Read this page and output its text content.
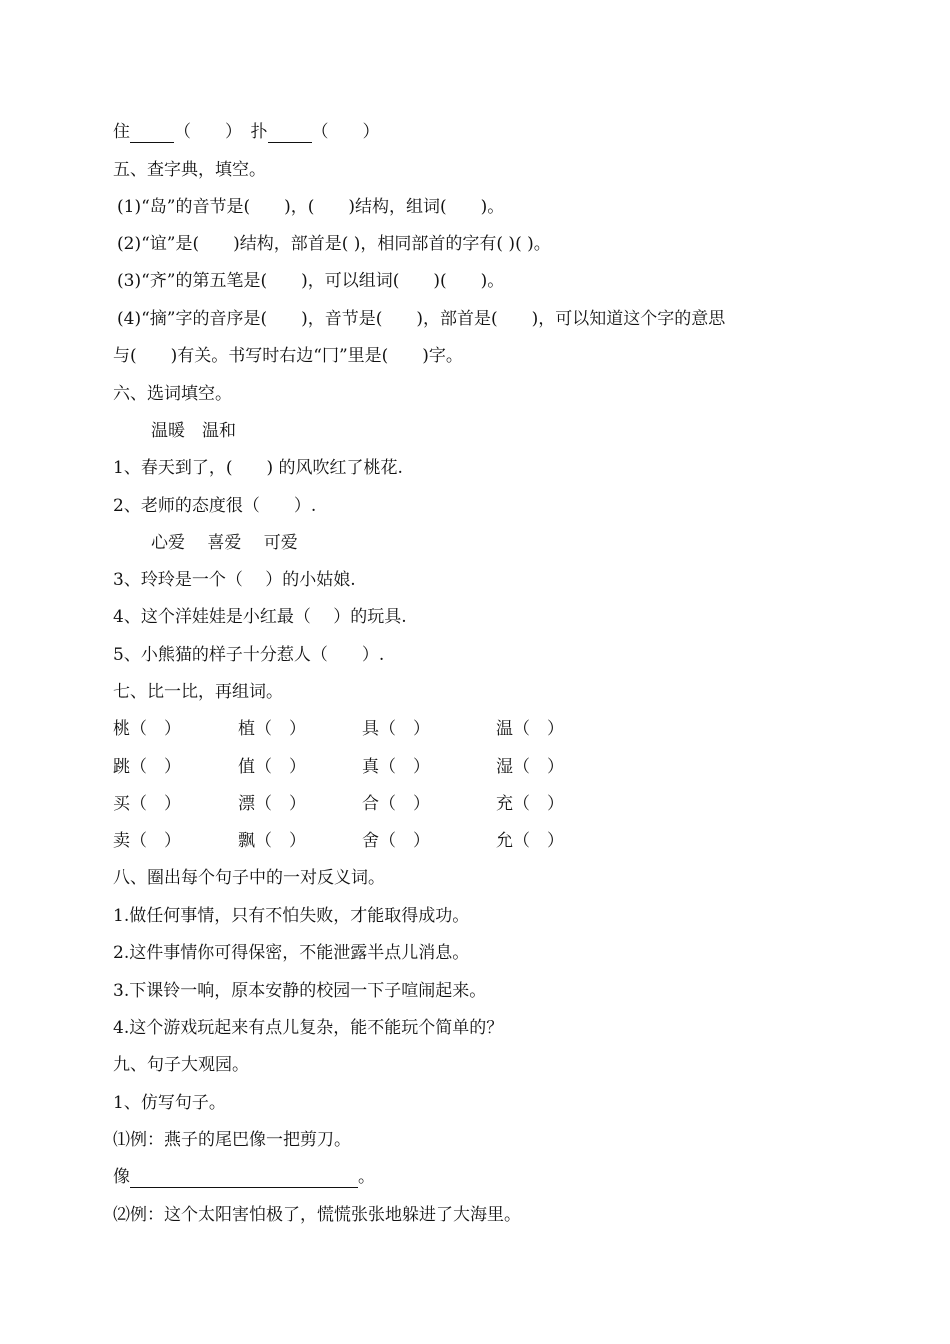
住	（　　）　扑	（　　）
五、查字典，填空。
(1)“岛”的音节是(　　)，(　　)结构，组词(　　)。
(2)“谊”是(　　)结构，部首是( )，相同部首的字有( )( )。
(3)“齐”的第五笔是(　　)，可以组词(　　)(　　)。
(4)“摘”字的音序是(　　)，音节是(　　)，部首是(　　)，可以知道这个字的意思
与(　　)有关。书写时右边“冂”里是(　　)字。
六、选词填空。
温暖　温和
1、春天到了，(　　) 的风吹红了桃花.
2、老师的态度很（　　）.
心爱　 喜爱　 可爱
3、玲玲是一个（　 ）的小姑娘.
4、这个洋娃娃是小红最（　 ）的玩具.
5、小熊猫的样子十分惹人（　　）.
七、比一比，再组词。
桃（　）	植（　）	具（　）	温（　）
跳（　）	值（　）	真（　）	湿（　）
买（　）	漂（　）	合（　）	充（　）
卖（　）	飘（　）	舍（　）	允（　）
八、圈出每个句子中的一对反义词。
1.做任何事情，只有不怕失败，才能取得成功。
2.这件事情你可得保密，不能泄露半点儿消息。
3.下课铃一响，原本安静的校园一下子喧闹起来。
4.这个游戏玩起来有点儿复杂，能不能玩个简单的？
九、句子大观园。
1、仿写句子。
⑴例：燕子的尾巴像一把剪刀。
像	。
⑵例：这个太阳害怕极了，慌慌张张地躲进了大海里。
